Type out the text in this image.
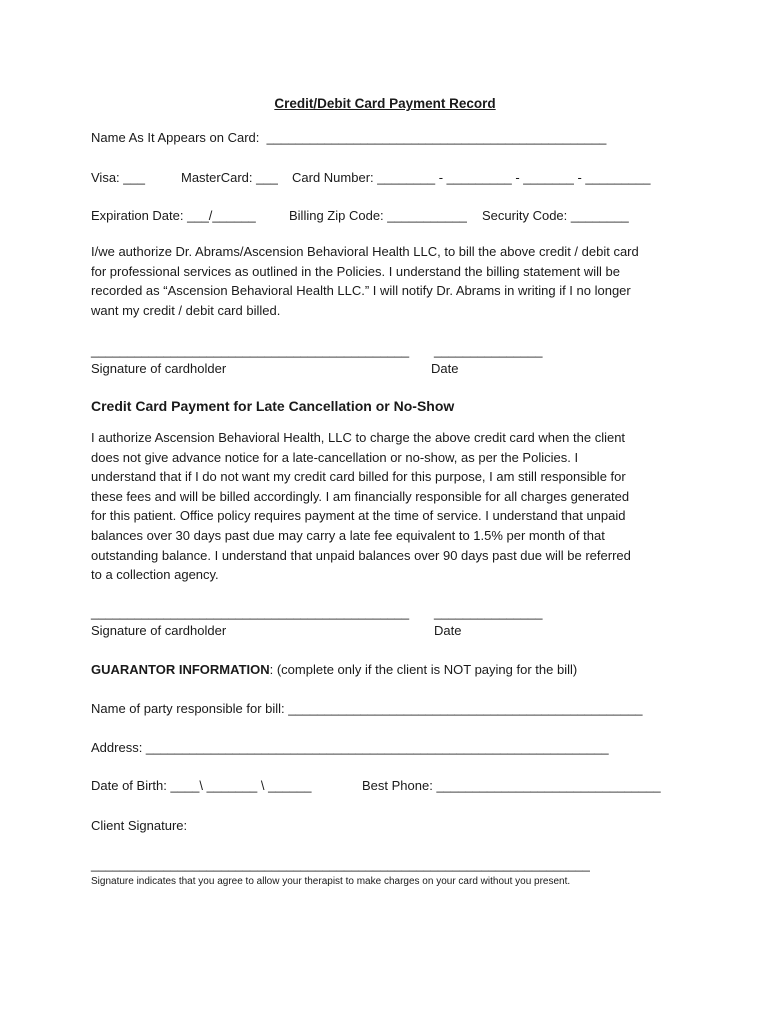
Credit/Debit Card Payment Record
Name As It Appears on Card:  _______________________________________________
Visa: ___	MasterCard: ___ Card Number: ________ - _________ - _______ - _________
Expiration Date: ___/______	Billing Zip Code: ___________ Security Code: ________
I/we authorize Dr. Abrams/Ascension Behavioral Health LLC, to bill the above credit / debit card
for professional services as outlined in the Policies. I understand the billing statement will be
recorded as “Ascension Behavioral Health LLC.” I will notify Dr. Abrams in writing if I no longer
want my credit / debit card billed.
____________________________________________ _______________
Signature of cardholder	Date
Credit Card Payment for Late Cancellation or No-Show
I authorize Ascension Behavioral Health, LLC to charge the above credit card when the client
does not give advance notice for a late-cancellation or no-show, as per the Policies. I
understand that if I do not want my credit card billed for this purpose, I am still responsible for
these fees and will be billed accordingly. I am financially responsible for all charges generated
for this patient. Office policy requires payment at the time of service. I understand that unpaid
balances over 30 days past due may carry a late fee equivalent to 1.5% per month of that
outstanding balance. I understand that unpaid balances over 90 days past due will be referred
to a collection agency.
____________________________________________ _______________
Signature of cardholder	Date
GUARANTOR INFORMATION: (complete only if the client is NOT paying for the bill)
Name of party responsible for bill: _________________________________________________
Address: ________________________________________________________________
Date of Birth: ____\ _______ \ ______	Best Phone: _______________________________
Client Signature:
_____________________________________________________________________
Signature indicates that you agree to allow your therapist to make charges on your card without you present.
